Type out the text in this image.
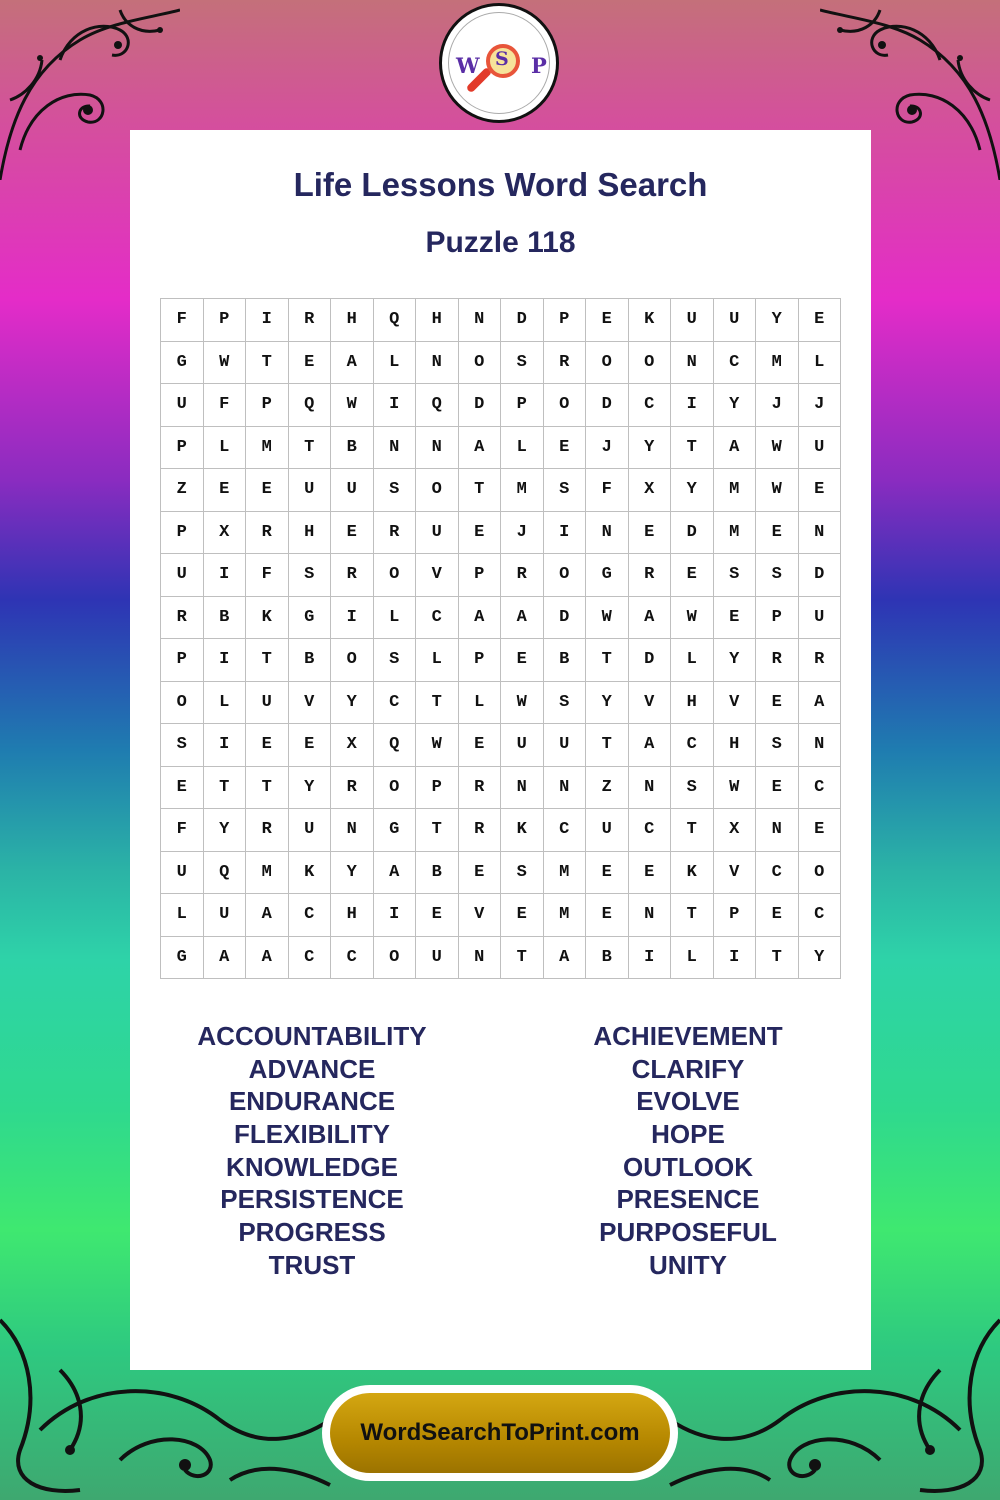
W S P
Life Lessons Word Search
Puzzle 118
F	P	I	R	H	Q	H	N	D	P	E	K	U	U	Y	E
G	W	T	E	A	L	N	O	S	R	O	O	N	C	M	L
U	F	P	Q	W	I	Q	D	P	O	D	C	I	Y	J	J
P	L	M	T	B	N	N	A	L	E	J	Y	T	A	W	U
Z	E	E	U	U	S	O	T	M	S	F	X	Y	M	W	E
P	X	R	H	E	R	U	E	J	I	N	E	D	M	E	N
U	I	F	S	R	O	V	P	R	O	G	R	E	S	S	D
R	B	K	G	I	L	C	A	A	D	W	A	W	E	P	U
P	I	T	B	O	S	L	P	E	B	T	D	L	Y	R	R
O	L	U	V	Y	C	T	L	W	S	Y	V	H	V	E	A
S	I	E	E	X	Q	W	E	U	U	T	A	C	H	S	N
E	T	T	Y	R	O	P	R	N	N	Z	N	S	W	E	C
F	Y	R	U	N	G	T	R	K	C	U	C	T	X	N	E
U	Q	M	K	Y	A	B	E	S	M	E	E	K	V	C	O
L	U	A	C	H	I	E	V	E	M	E	N	T	P	E	C
G	A	A	C	C	O	U	N	T	A	B	I	L	I	T	Y
ACCOUNTABILITY
ADVANCE
ENDURANCE
FLEXIBILITY
KNOWLEDGE
PERSISTENCE
PROGRESS
TRUST
ACHIEVEMENT
CLARIFY
EVOLVE
HOPE
OUTLOOK
PRESENCE
PURPOSEFUL
UNITY
WordSearchToPrint.com
